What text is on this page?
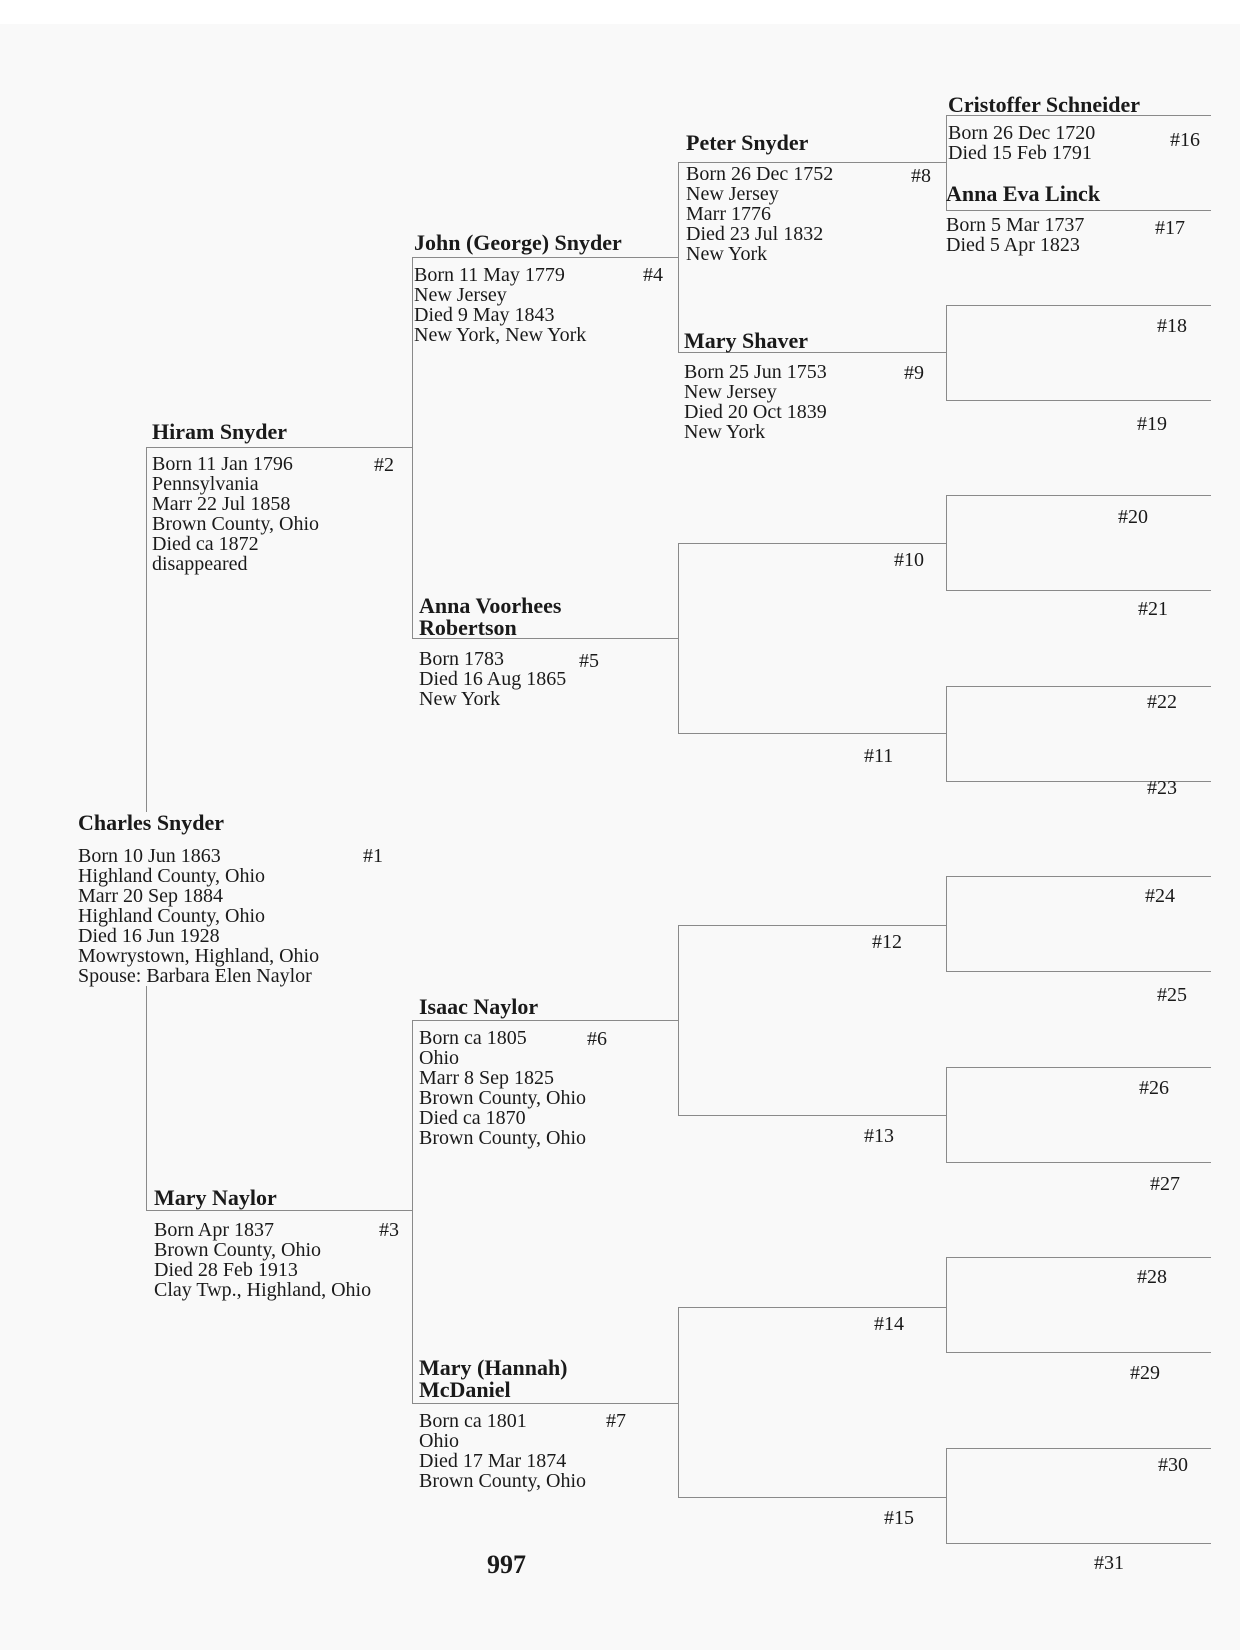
Charles Snyder
Born 10 Jun 1863
Highland County, Ohio
Marr 20 Sep 1884
Highland County, Ohio
Died 16 Jun 1928
Mowrystown, Highland, Ohio
Spouse: Barbara Elen Naylor
#1
Hiram Snyder
Born 11 Jan 1796
Pennsylvania
Marr 22 Jul 1858
Brown County, Ohio
Died ca 1872
disappeared
#2
Mary Naylor
Born Apr 1837
Brown County, Ohio
Died 28 Feb 1913
Clay Twp., Highland, Ohio
#3
John (George) Snyder
Born 11 May 1779
New Jersey
Died 9 May 1843
New York, New York
#4
Anna Voorhees
Robertson
Born 1783
Died 16 Aug 1865
New York
#5
Isaac Naylor
Born ca 1805
Ohio
Marr 8 Sep 1825
Brown County, Ohio
Died ca 1870
Brown County, Ohio
#6
Mary (Hannah)
McDaniel
Born ca 1801
Ohio
Died 17 Mar 1874
Brown County, Ohio
#7
Peter Snyder
Born 26 Dec 1752
New Jersey
Marr 1776
Died 23 Jul 1832
New York
#8
Mary Shaver
Born 25 Jun 1753
New Jersey
Died 20 Oct 1839
New York
#9
Cristoffer Schneider
Born 26 Dec 1720
Died 15 Feb 1791
#16
Anna Eva Linck
Born 5 Mar 1737
Died 5 Apr 1823
#17
#10
#11
#12
#13
#14
#15
#18
#19
#20
#21
#22
#23
#24
#25
#26
#27
#28
#29
#30
#31
997
